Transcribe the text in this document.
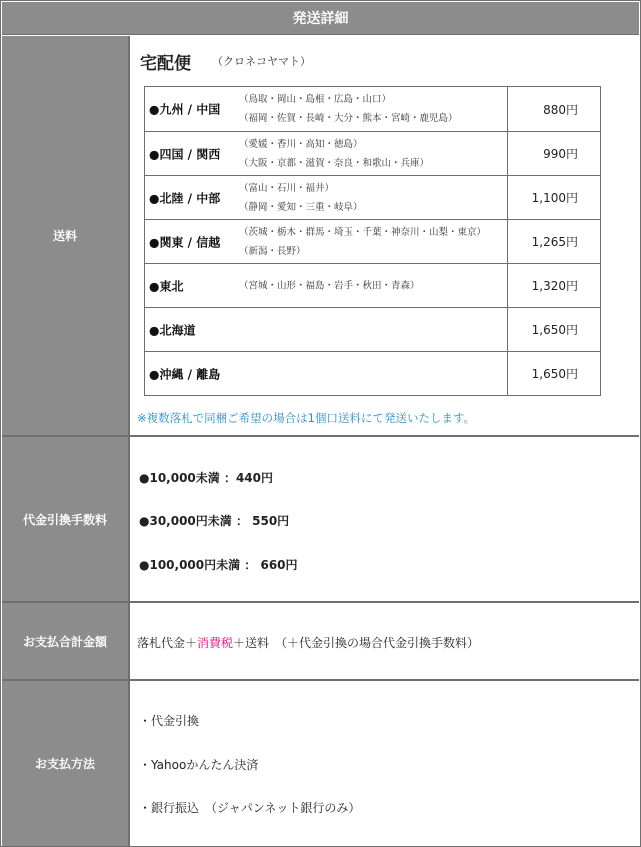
発送詳細
送料
宅配便 （クロネコヤマト）
●九州 / 中国
（鳥取・岡山・島根・広島・山口）
（福岡・佐賀・長崎・大分・熊本・宮崎・鹿児島）	880円

●四国 / 関西
（愛媛・香川・高知・徳島）
（大阪・京都・滋賀・奈良・和歌山・兵庫）	990円

●北陸 / 中部
（富山・石川・福井）
（静岡・愛知・三重・岐阜）	1,100円

●関東 / 信越
（茨城・栃木・群馬・埼玉・千葉・神奈川・山梨・東京）
（新潟・長野）	1,265円

●東北 （宮城・山形・福島・岩手・秋田・青森）	1,320円

●北海道	1,650円

●沖縄 / 離島	1,650円
※複数落札で同梱ご希望の場合は1個口送料にて発送いたします。
代金引換手数料
●10,000未満 ：440円
●30,000円未満 ： 550円
●100,000円未満 ： 660円
お支払合計金額	落札代金＋消費税＋送料　（＋代金引換の場合代金引換手数料）
お支払方法
・代金引換
・Yahooかんたん決済
・銀行振込　（ジャパンネット銀行のみ）
